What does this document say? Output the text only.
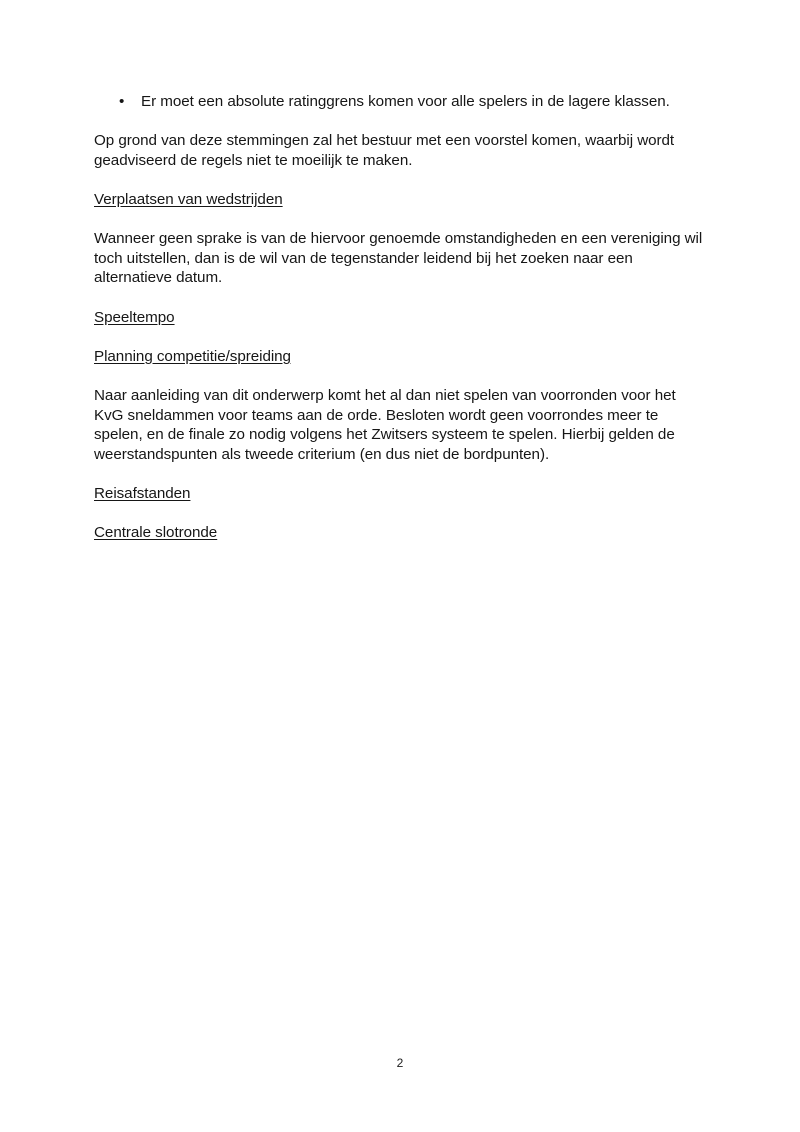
• Er moet een absolute ratinggrens komen voor alle spelers in de lagere klassen.

Op grond van deze stemmingen zal het bestuur met een voorstel komen, waarbij wordt geadviseerd de regels niet te moeilijk te maken.

Verplaatsen van wedstrijden

Wanneer geen sprake is van de hiervoor genoemde omstandigheden en een vereniging wil toch uitstellen, dan is de wil van de tegenstander leidend bij het zoeken naar een alternatieve datum.

Speeltempo
Planning competitie/spreiding

Naar aanleiding van dit onderwerp komt het al dan niet spelen van voorronden voor het KvG sneldammen voor teams aan de orde. Besloten wordt geen voorrondes meer te spelen, en de finale zo nodig volgens het Zwitsers systeem te spelen. Hierbij gelden de weerstandspunten als tweede criterium (en dus niet de bordpunten).

Reisafstanden
Centrale slotronde
2
